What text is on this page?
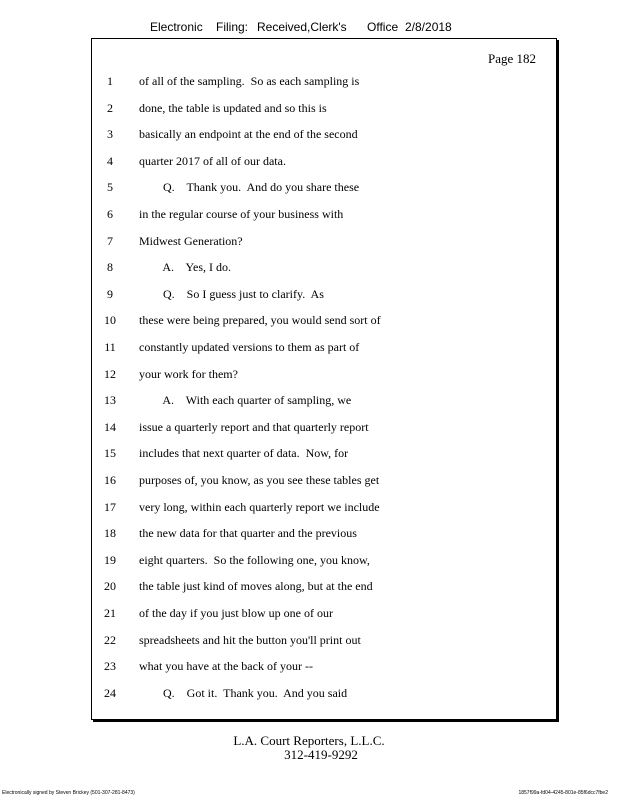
Electronic Filing: Received,Clerk's Office 2/8/2018
Page 182
1	of all of the sampling.  So as each sampling is
2	done, the table is updated and so this is
3	basically an endpoint at the end of the second
4	quarter 2017 of all of our data.
5	Q.    Thank you.  And do you share these
6	in the regular course of your business with
7	Midwest Generation?
8	A.    Yes, I do.
9	Q.    So I guess just to clarify.  As
10	these were being prepared, you would send sort of
11	constantly updated versions to them as part of
12	your work for them?
13	A.    With each quarter of sampling, we
14	issue a quarterly report and that quarterly report
15	includes that next quarter of data.  Now, for
16	purposes of, you know, as you see these tables get
17	very long, within each quarterly report we include
18	the new data for that quarter and the previous
19	eight quarters.  So the following one, you know,
20	the table just kind of moves along, but at the end
21	of the day if you just blow up one of our
22	spreadsheets and hit the button you'll print out
23	what you have at the back of your --
24	Q.    Got it.  Thank you.  And you said
L.A. Court Reporters, L.L.C.
312-419-9292
Electronically signed by Steven Brickey (501-307-281-8473)	1857f99a-fd04-4245-801e-85f6dcc7fbe2
